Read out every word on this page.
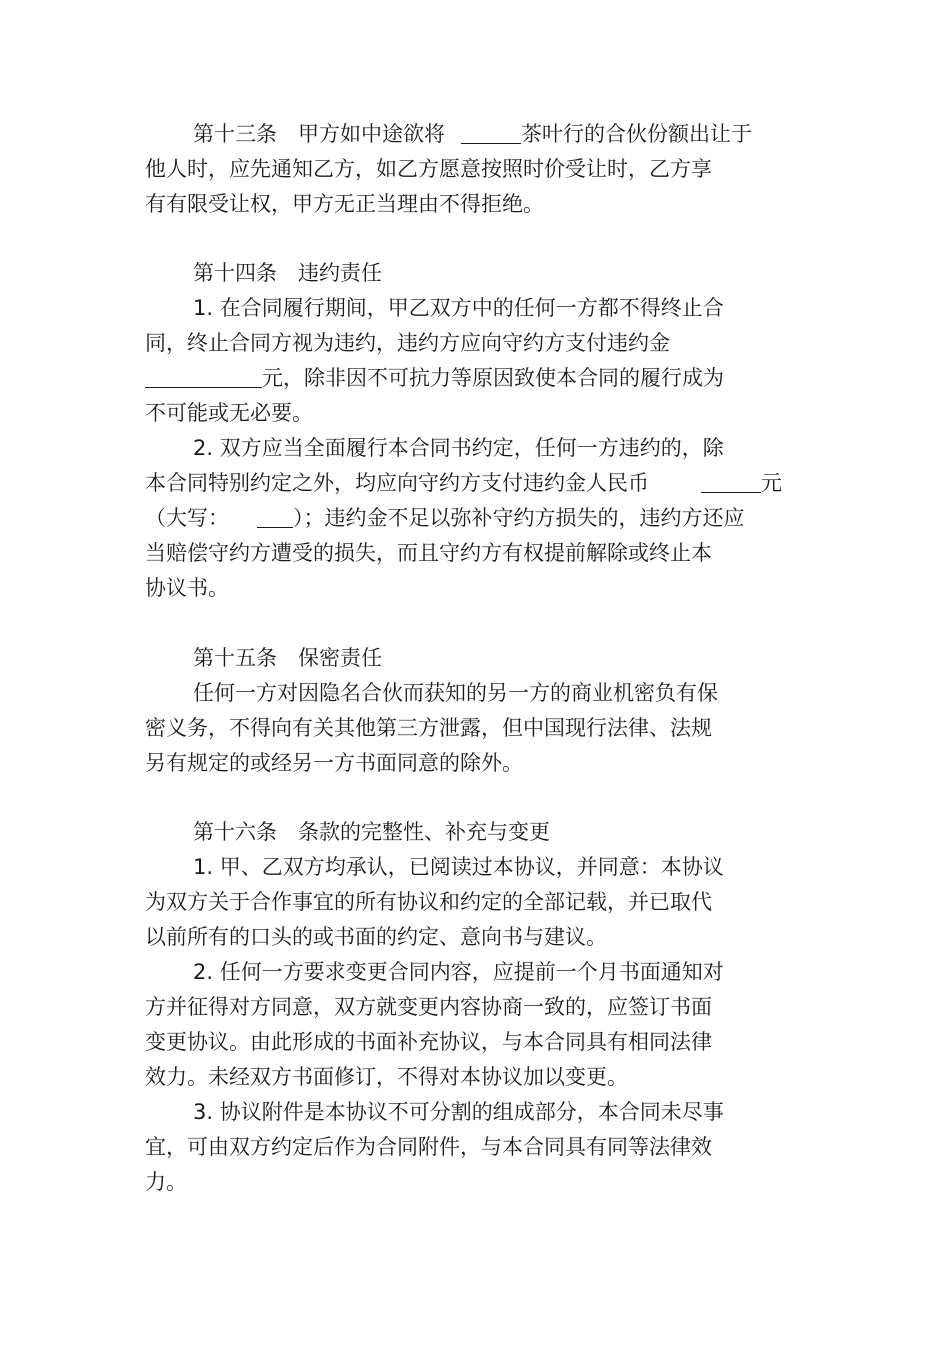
第十三条　甲方如中途欲将	茶叶行的合伙份额出让于
他人时，应先通知乙方，如乙方愿意按照时价受让时，乙方享
有有限受让权，甲方无正当理由不得拒绝。
第十四条　违约责任
1. 在合同履行期间，甲乙双方中的任何一方都不得终止合
同，终止合同方视为违约，违约方应向守约方支付违约金
元，除非因不可抗力等原因致使本合同的履行成为
不可能或无必要。
2. 双方应当全面履行本合同书约定，任何一方违约的，除
本合同特别约定之外，均应向守约方支付违约金人民币	元
（大写：	）；违约金不足以弥补守约方损失的，违约方还应
当赔偿守约方遭受的损失，而且守约方有权提前解除或终止本
协议书。
第十五条　保密责任
任何一方对因隐名合伙而获知的另一方的商业机密负有保
密义务，不得向有关其他第三方泄露，但中国现行法律、法规
另有规定的或经另一方书面同意的除外。
第十六条　条款的完整性、补充与变更
1. 甲、乙双方均承认，已阅读过本协议，并同意：本协议
为双方关于合作事宜的所有协议和约定的全部记载，并已取代
以前所有的口头的或书面的约定、意向书与建议。
2. 任何一方要求变更合同内容，应提前一个月书面通知对
方并征得对方同意，双方就变更内容协商一致的，应签订书面
变更协议。由此形成的书面补充协议，与本合同具有相同法律
效力。未经双方书面修订，不得对本协议加以变更。
3. 协议附件是本协议不可分割的组成部分，本合同未尽事
宜，可由双方约定后作为合同附件，与本合同具有同等法律效
力。
